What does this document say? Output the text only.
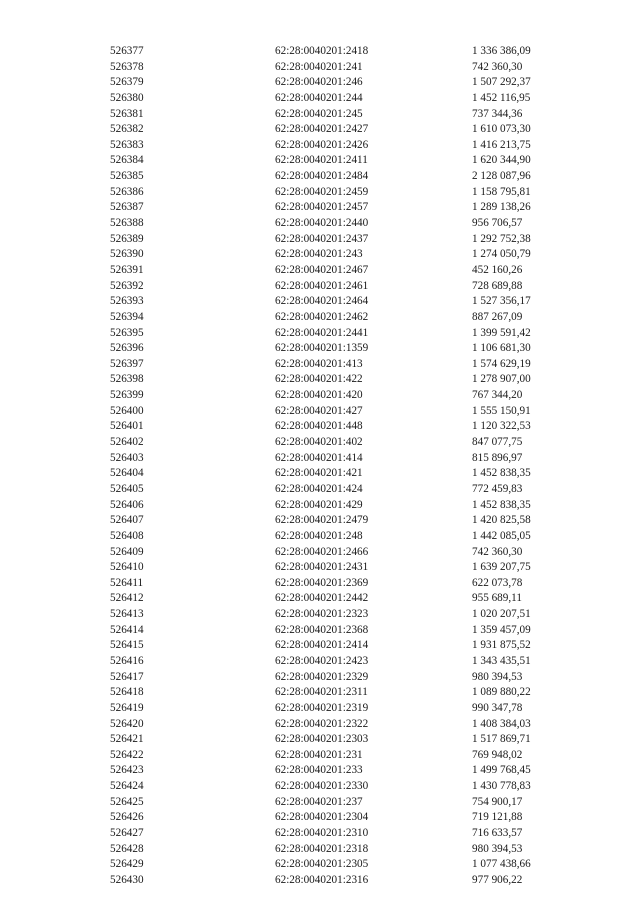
526377	62:28:0040201:2418	1 336 386,09
526378	62:28:0040201:241	742 360,30
526379	62:28:0040201:246	1 507 292,37
526380	62:28:0040201:244	1 452 116,95
526381	62:28:0040201:245	737 344,36
526382	62:28:0040201:2427	1 610 073,30
526383	62:28:0040201:2426	1 416 213,75
526384	62:28:0040201:2411	1 620 344,90
526385	62:28:0040201:2484	2 128 087,96
526386	62:28:0040201:2459	1 158 795,81
526387	62:28:0040201:2457	1 289 138,26
526388	62:28:0040201:2440	956 706,57
526389	62:28:0040201:2437	1 292 752,38
526390	62:28:0040201:243	1 274 050,79
526391	62:28:0040201:2467	452 160,26
526392	62:28:0040201:2461	728 689,88
526393	62:28:0040201:2464	1 527 356,17
526394	62:28:0040201:2462	887 267,09
526395	62:28:0040201:2441	1 399 591,42
526396	62:28:0040201:1359	1 106 681,30
526397	62:28:0040201:413	1 574 629,19
526398	62:28:0040201:422	1 278 907,00
526399	62:28:0040201:420	767 344,20
526400	62:28:0040201:427	1 555 150,91
526401	62:28:0040201:448	1 120 322,53
526402	62:28:0040201:402	847 077,75
526403	62:28:0040201:414	815 896,97
526404	62:28:0040201:421	1 452 838,35
526405	62:28:0040201:424	772 459,83
526406	62:28:0040201:429	1 452 838,35
526407	62:28:0040201:2479	1 420 825,58
526408	62:28:0040201:248	1 442 085,05
526409	62:28:0040201:2466	742 360,30
526410	62:28:0040201:2431	1 639 207,75
526411	62:28:0040201:2369	622 073,78
526412	62:28:0040201:2442	955 689,11
526413	62:28:0040201:2323	1 020 207,51
526414	62:28:0040201:2368	1 359 457,09
526415	62:28:0040201:2414	1 931 875,52
526416	62:28:0040201:2423	1 343 435,51
526417	62:28:0040201:2329	980 394,53
526418	62:28:0040201:2311	1 089 880,22
526419	62:28:0040201:2319	990 347,78
526420	62:28:0040201:2322	1 408 384,03
526421	62:28:0040201:2303	1 517 869,71
526422	62:28:0040201:231	769 948,02
526423	62:28:0040201:233	1 499 768,45
526424	62:28:0040201:2330	1 430 778,83
526425	62:28:0040201:237	754 900,17
526426	62:28:0040201:2304	719 121,88
526427	62:28:0040201:2310	716 633,57
526428	62:28:0040201:2318	980 394,53
526429	62:28:0040201:2305	1 077 438,66
526430	62:28:0040201:2316	977 906,22
